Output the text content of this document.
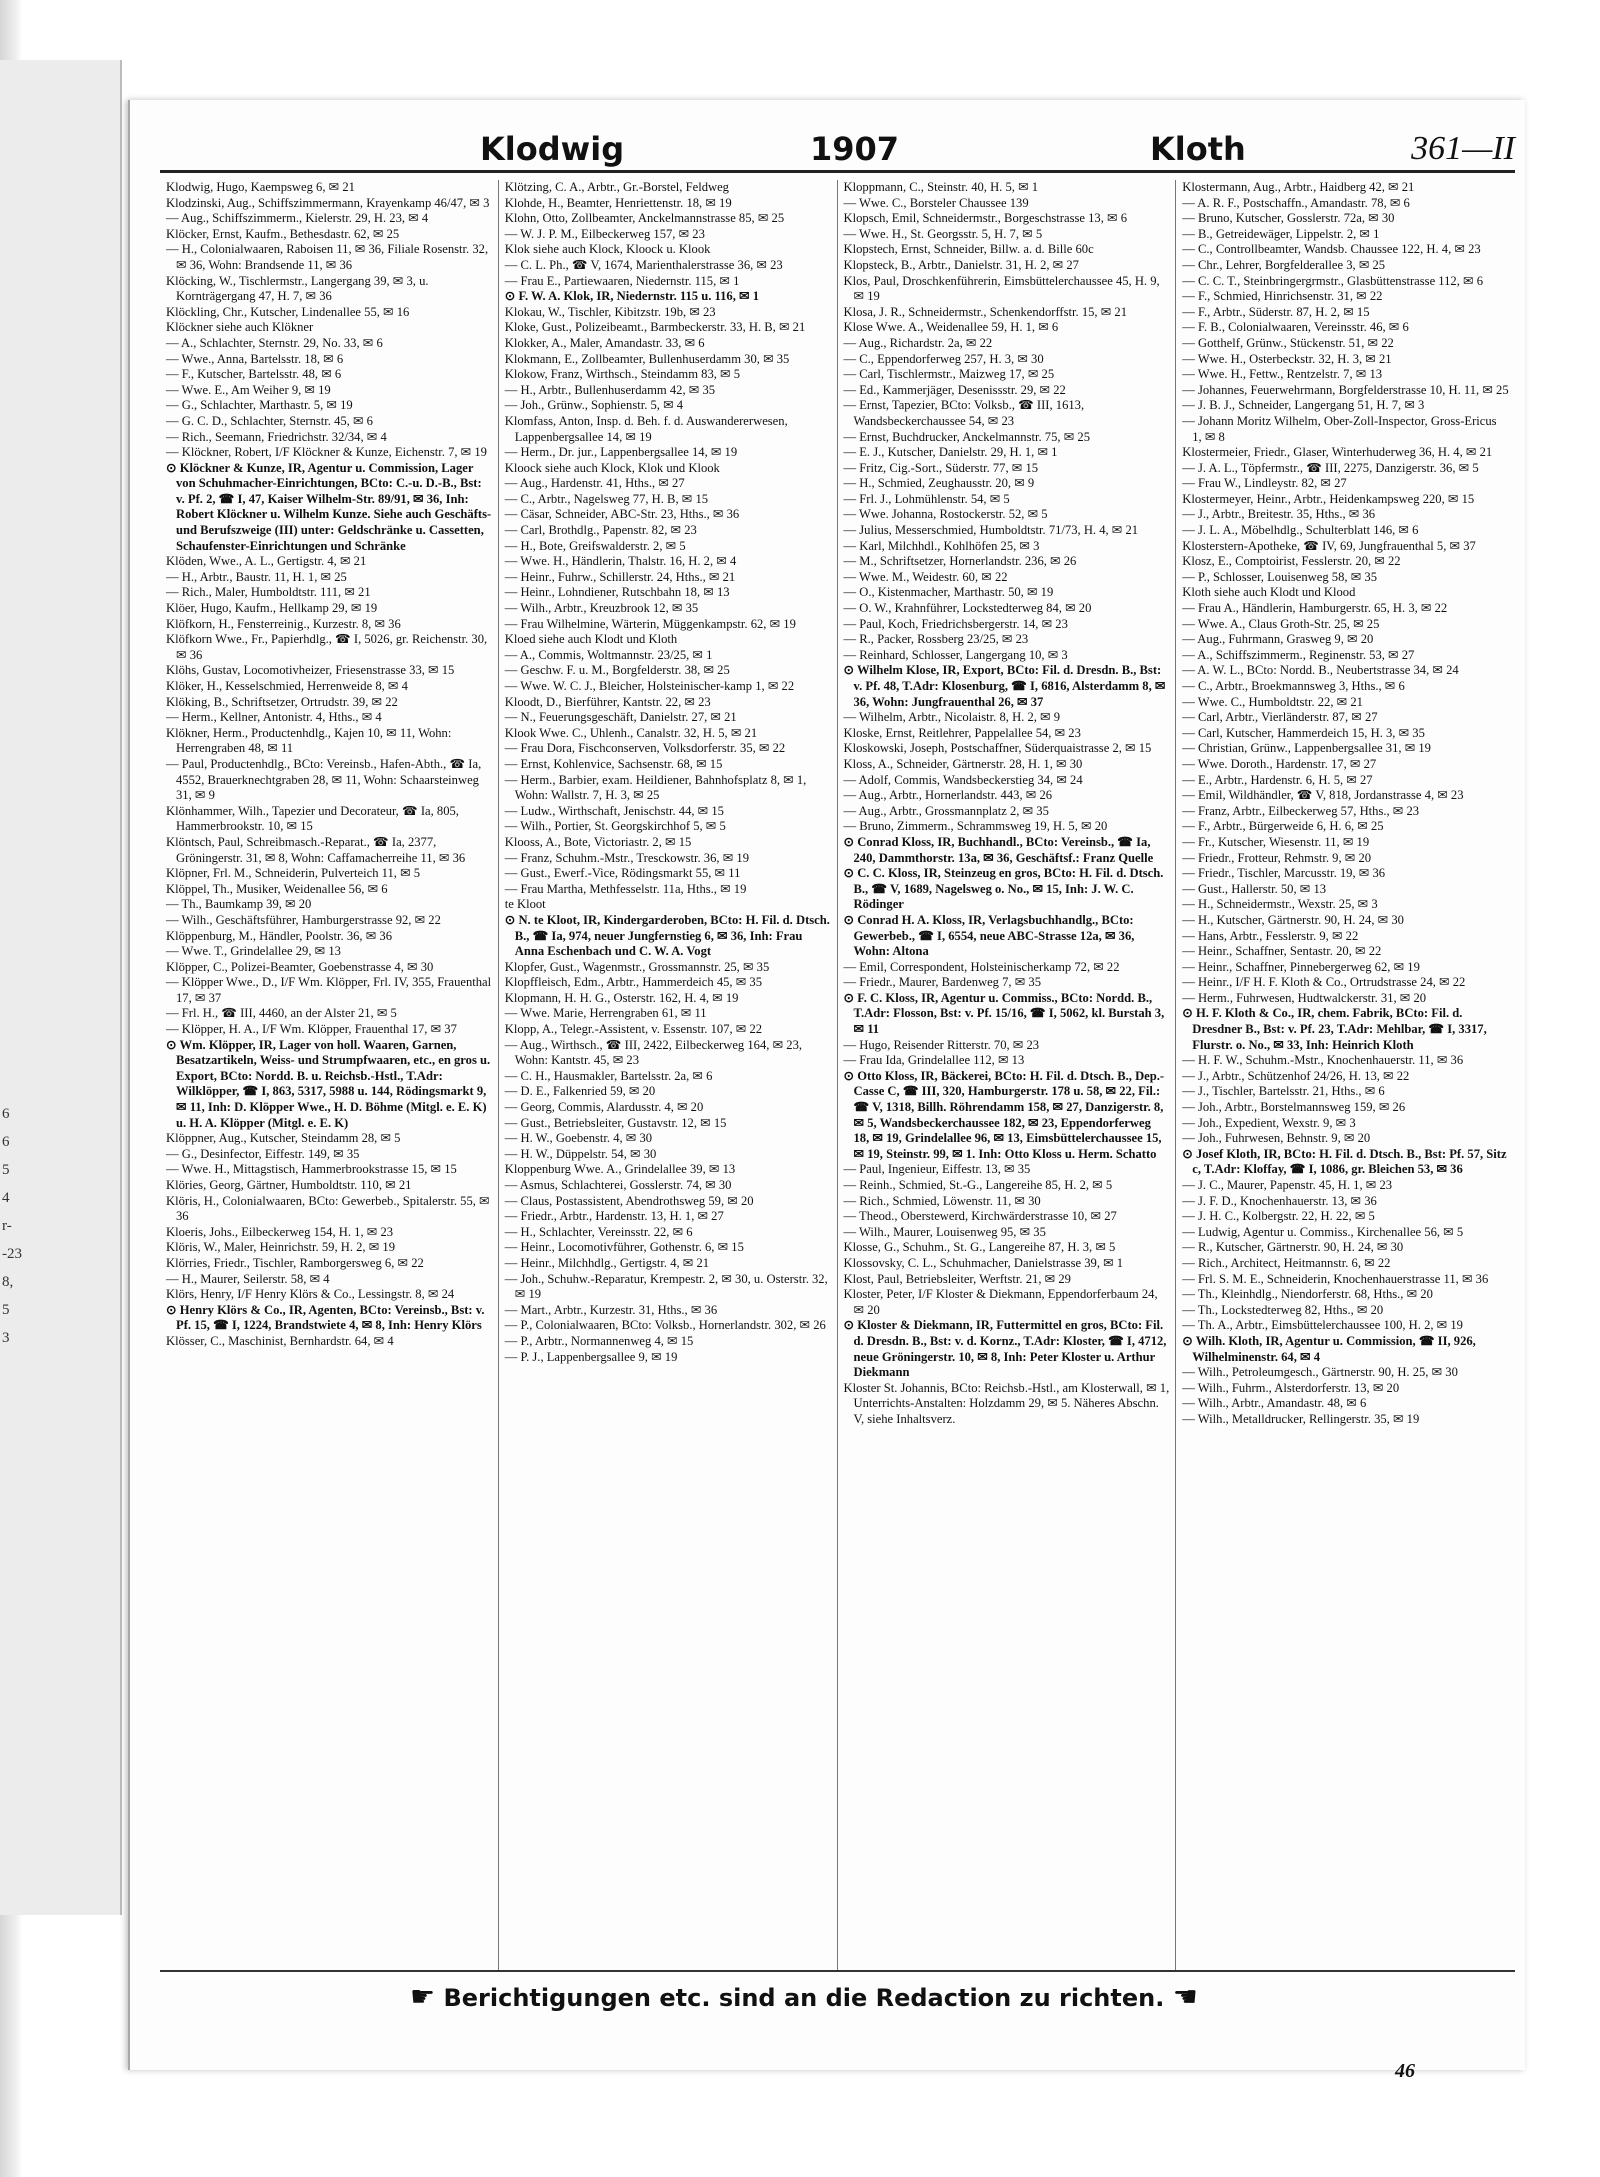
6
6
5
4
r-
-23
8,
5
3
Klodwig	1907	Kloth	361—II

Klodwig, Hugo, Kaempsweg 6, ✉ 21

Klodzinski, Aug., Schiffszimmermann, Krayenkamp 46/47, ✉ 3

— Aug., Schiffszimmerm., Kielerstr. 29, H. 23, ✉ 4

Klöcker, Ernst, Kaufm., Bethesdastr. 62, ✉ 25

— H., Colonialwaaren, Raboisen 11, ✉ 36, Filiale Rosenstr. 32, ✉ 36, Wohn: Brandsende 11, ✉ 36

Klöcking, W., Tischlermstr., Langergang 39, ✉ 3, u. Kornträgergang 47, H. 7, ✉ 36

Klöckling, Chr., Kutscher, Lindenallee 55, ✉ 16

Klöckner siehe auch Klökner

— A., Schlachter, Sternstr. 29, No. 33, ✉ 6

— Wwe., Anna, Bartelsstr. 18, ✉ 6

— F., Kutscher, Bartelsstr. 48, ✉ 6

— Wwe. E., Am Weiher 9, ✉ 19

— G., Schlachter, Marthastr. 5, ✉ 19

— G. C. D., Schlachter, Sternstr. 45, ✉ 6

— Rich., Seemann, Friedrichstr. 32/34, ✉ 4

— Klöckner, Robert, I/F Klöckner & Kunze, Eichenstr. 7, ✉ 19

⊙ Klöckner & Kunze, IR, Agentur u. Commission, Lager von Schuhmacher-Einrichtungen, BCto: C.-u. D.-B., Bst: v. Pf. 2, ☎ I, 47, Kaiser Wilhelm-Str. 89/91, ✉ 36, Inh: Robert Klöckner u. Wilhelm Kunze. Siehe auch Geschäfts- und Berufszweige (III) unter: Geldschränke u. Cassetten, Schaufenster-Einrichtungen und Schränke

Klöden, Wwe., A. L., Gertigstr. 4, ✉ 21

— H., Arbtr., Baustr. 11, H. 1, ✉ 25

— Rich., Maler, Humboldtstr. 111, ✉ 21

Klöer, Hugo, Kaufm., Hellkamp 29, ✉ 19

Klöfkorn, H., Fensterreinig., Kurzestr. 8, ✉ 36

Klöfkorn Wwe., Fr., Papierhdlg., ☎ I, 5026, gr. Reichenstr. 30, ✉ 36

Klöhs, Gustav, Locomotivheizer, Friesenstrasse 33, ✉ 15

Klöker, H., Kesselschmied, Herrenweide 8, ✉ 4

Klöking, B., Schriftsetzer, Ortrudstr. 39, ✉ 22

— Herm., Kellner, Antonistr. 4, Hths., ✉ 4

Klökner, Herm., Productenhdlg., Kajen 10, ✉ 11, Wohn: Herrengraben 48, ✉ 11

— Paul, Productenhdlg., BCto: Vereinsb., Hafen-Abth., ☎ Ia, 4552, Brauerknechtgraben 28, ✉ 11, Wohn: Schaarsteinweg 31, ✉ 9

Klönhammer, Wilh., Tapezier und Decorateur, ☎ Ia, 805, Hammerbrookstr. 10, ✉ 15

Klöntsch, Paul, Schreibmasch.-Reparat., ☎ Ia, 2377, Gröningerstr. 31, ✉ 8, Wohn: Caffamacherreihe 11, ✉ 36

Klöpner, Frl. M., Schneiderin, Pulverteich 11, ✉ 5

Klöppel, Th., Musiker, Weidenallee 56, ✉ 6

— Th., Baumkamp 39, ✉ 20

— Wilh., Geschäftsführer, Hamburgerstrasse 92, ✉ 22

Klöppenburg, M., Händler, Poolstr. 36, ✉ 36

— Wwe. T., Grindelallee 29, ✉ 13

Klöpper, C., Polizei-Beamter, Goebenstrasse 4, ✉ 30

— Klöpper Wwe., D., I/F Wm. Klöpper, Frl. IV, 355, Frauenthal 17, ✉ 37

— Frl. H., ☎ III, 4460, an der Alster 21, ✉ 5

— Klöpper, H. A., I/F Wm. Klöpper, Frauenthal 17, ✉ 37

⊙ Wm. Klöpper, IR, Lager von holl. Waaren, Garnen, Besatzartikeln, Weiss- und Strumpfwaaren, etc., en gros u. Export, BCto: Nordd. B. u. Reichsb.-Hstl., T.Adr: Wilklöpper, ☎ I, 863, 5317, 5988 u. 144, Rödingsmarkt 9, ✉ 11, Inh: D. Klöpper Wwe., H. D. Böhme (Mitgl. e. E. K) u. H. A. Klöpper (Mitgl. e. E. K)

Klöppner, Aug., Kutscher, Steindamm 28, ✉ 5

— G., Desinfector, Eiffestr. 149, ✉ 35

— Wwe. H., Mittagstisch, Hammerbrookstrasse 15, ✉ 15

Klöries, Georg, Gärtner, Humboldtstr. 110, ✉ 21

Klöris, H., Colonialwaaren, BCto: Gewerbeb., Spitalerstr. 55, ✉ 36

Kloeris, Johs., Eilbeckerweg 154, H. 1, ✉ 23

Klöris, W., Maler, Heinrichstr. 59, H. 2, ✉ 19

Klörries, Friedr., Tischler, Ramborgersweg 6, ✉ 22

— H., Maurer, Seilerstr. 58, ✉ 4

Klörs, Henry, I/F Henry Klörs & Co., Lessingstr. 8, ✉ 24

⊙ Henry Klörs & Co., IR, Agenten, BCto: Vereinsb., Bst: v. Pf. 15, ☎ I, 1224, Brandstwiete 4, ✉ 8, Inh: Henry Klörs

Klösser, C., Maschinist, Bernhardstr. 64, ✉ 4

Klötzing, C. A., Arbtr., Gr.-Borstel, Feldweg

Klohde, H., Beamter, Henriettenstr. 18, ✉ 19

Klohn, Otto, Zollbeamter, Anckelmannstrasse 85, ✉ 25

— W. J. P. M., Eilbeckerweg 157, ✉ 23

Klok siehe auch Klock, Kloock u. Klook

— C. L. Ph., ☎ V, 1674, Marienthalerstrasse 36, ✉ 23

— Frau E., Partiewaaren, Niedernstr. 115, ✉ 1

⊙ F. W. A. Klok, IR, Niedernstr. 115 u. 116, ✉ 1

Klokau, W., Tischler, Kibitzstr. 19b, ✉ 23

Kloke, Gust., Polizeibeamt., Barmbeckerstr. 33, H. B, ✉ 21

Klokker, A., Maler, Amandastr. 33, ✉ 6

Klokmann, E., Zollbeamter, Bullenhuserdamm 30, ✉ 35

Klokow, Franz, Wirthsch., Steindamm 83, ✉ 5

— H., Arbtr., Bullenhuserdamm 42, ✉ 35

— Joh., Grünw., Sophienstr. 5, ✉ 4

Klomfass, Anton, Insp. d. Beh. f. d. Auswandererwesen, Lappenbergsallee 14, ✉ 19

— Herm., Dr. jur., Lappenbergsallee 14, ✉ 19

Kloock siehe auch Klock, Klok und Klook

— Aug., Hardenstr. 41, Hths., ✉ 27

— C., Arbtr., Nagelsweg 77, H. B, ✉ 15

— Cäsar, Schneider, ABC-Str. 23, Hths., ✉ 36

— Carl, Brothdlg., Papenstr. 82, ✉ 23

— H., Bote, Greifswalderstr. 2, ✉ 5

— Wwe. H., Händlerin, Thalstr. 16, H. 2, ✉ 4

— Heinr., Fuhrw., Schillerstr. 24, Hths., ✉ 21

— Heinr., Lohndiener, Rutschbahn 18, ✉ 13

— Wilh., Arbtr., Kreuzbrook 12, ✉ 35

— Frau Wilhelmine, Wärterin, Müggenkampstr. 62, ✉ 19

Kloed siehe auch Klodt und Kloth

— A., Commis, Woltmannstr. 23/25, ✉ 1

— Geschw. F. u. M., Borgfelderstr. 38, ✉ 25

— Wwe. W. C. J., Bleicher, Holsteinischer-kamp 1, ✉ 22

Kloodt, D., Bierführer, Kantstr. 22, ✉ 23

— N., Feuerungsgeschäft, Danielstr. 27, ✉ 21

Klook Wwe. C., Uhlenh., Canalstr. 32, H. 5, ✉ 21

— Frau Dora, Fischconserven, Volksdorferstr. 35, ✉ 22

— Ernst, Kohlenvice, Sachsenstr. 68, ✉ 15

— Herm., Barbier, exam. Heildiener, Bahnhofsplatz 8, ✉ 1, Wohn: Wallstr. 7, H. 3, ✉ 25

— Ludw., Wirthschaft, Jenischstr. 44, ✉ 15

— Wilh., Portier, St. Georgskirchhof 5, ✉ 5

Klooss, A., Bote, Victoriastr. 2, ✉ 15

— Franz, Schuhm.-Mstr., Tresckowstr. 36, ✉ 19

— Gust., Ewerf.-Vice, Rödingsmarkt 55, ✉ 11

— Frau Martha, Methfesselstr. 11a, Hths., ✉ 19

te Kloot

⊙ N. te Kloot, IR, Kindergarderoben, BCto: H. Fil. d. Dtsch. B., ☎ Ia, 974, neuer Jungfernstieg 6, ✉ 36, Inh: Frau Anna Eschenbach und C. W. A. Vogt

Klopfer, Gust., Wagenmstr., Grossmannstr. 25, ✉ 35

Klopffleisch, Edm., Arbtr., Hammerdeich 45, ✉ 35

Klopmann, H. H. G., Osterstr. 162, H. 4, ✉ 19

— Wwe. Marie, Herrengraben 61, ✉ 11

Klopp, A., Telegr.-Assistent, v. Essenstr. 107, ✉ 22

— Aug., Wirthsch., ☎ III, 2422, Eilbeckerweg 164, ✉ 23, Wohn: Kantstr. 45, ✉ 23

— C. H., Hausmakler, Bartelsstr. 2a, ✉ 6

— D. E., Falkenried 59, ✉ 20

— Georg, Commis, Alardusstr. 4, ✉ 20

— Gust., Betriebsleiter, Gustavstr. 12, ✉ 15

— H. W., Goebenstr. 4, ✉ 30

— H. W., Düppelstr. 54, ✉ 30

Kloppenburg Wwe. A., Grindelallee 39, ✉ 13

— Asmus, Schlachterei, Gosslerstr. 74, ✉ 30

— Claus, Postassistent, Abendrothsweg 59, ✉ 20

— Friedr., Arbtr., Hardenstr. 13, H. 1, ✉ 27

— H., Schlachter, Vereinsstr. 22, ✉ 6

— Heinr., Locomotivführer, Gothenstr. 6, ✉ 15

— Heinr., Milchhdlg., Gertigstr. 4, ✉ 21

— Joh., Schuhw.-Reparatur, Krempestr. 2, ✉ 30, u. Osterstr. 32, ✉ 19

— Mart., Arbtr., Kurzestr. 31, Hths., ✉ 36

— P., Colonialwaaren, BCto: Volksb., Hornerlandstr. 302, ✉ 26

— P., Arbtr., Normannenweg 4, ✉ 15

— P. J., Lappenbergsallee 9, ✉ 19

Kloppmann, C., Steinstr. 40, H. 5, ✉ 1

— Wwe. C., Borsteler Chaussee 139

Klopsch, Emil, Schneidermstr., Borgeschstrasse 13, ✉ 6

— Wwe. H., St. Georgsstr. 5, H. 7, ✉ 5

Klopstech, Ernst, Schneider, Billw. a. d. Bille 60c

Klopsteck, B., Arbtr., Danielstr. 31, H. 2, ✉ 27

Klos, Paul, Droschkenführerin, Eimsbüttelerchaussee 45, H. 9, ✉ 19

Klosa, J. R., Schneidermstr., Schenkendorffstr. 15, ✉ 21

Klose Wwe. A., Weidenallee 59, H. 1, ✉ 6

— Aug., Richardstr. 2a, ✉ 22

— C., Eppendorferweg 257, H. 3, ✉ 30

— Carl, Tischlermstr., Maizweg 17, ✉ 25

— Ed., Kammerjäger, Desenissstr. 29, ✉ 22

— Ernst, Tapezier, BCto: Volksb., ☎ III, 1613, Wandsbeckerchaussee 54, ✉ 23

— Ernst, Buchdrucker, Anckelmannstr. 75, ✉ 25

— E. J., Kutscher, Danielstr. 29, H. 1, ✉ 1

— Fritz, Cig.-Sort., Süderstr. 77, ✉ 15

— H., Schmied, Zeughausstr. 20, ✉ 9

— Frl. J., Lohmühlenstr. 54, ✉ 5

— Wwe. Johanna, Rostockerstr. 52, ✉ 5

— Julius, Messerschmied, Humboldtstr. 71/73, H. 4, ✉ 21

— Karl, Milchhdl., Kohlhöfen 25, ✉ 3

— M., Schriftsetzer, Hornerlandstr. 236, ✉ 26

— Wwe. M., Weidestr. 60, ✉ 22

— O., Kistenmacher, Marthastr. 50, ✉ 19

— O. W., Krahnführer, Lockstedterweg 84, ✉ 20

— Paul, Koch, Friedrichsbergerstr. 14, ✉ 23

— R., Packer, Rossberg 23/25, ✉ 23

— Reinhard, Schlosser, Langergang 10, ✉ 3

⊙ Wilhelm Klose, IR, Export, BCto: Fil. d. Dresdn. B., Bst: v. Pf. 48, T.Adr: Klosenburg, ☎ I, 6816, Alsterdamm 8, ✉ 36, Wohn: Jungfrauenthal 26, ✉ 37

— Wilhelm, Arbtr., Nicolaistr. 8, H. 2, ✉ 9

Kloske, Ernst, Reitlehrer, Pappelallee 54, ✉ 23

Kloskowski, Joseph, Postschaffner, Süderquaistrasse 2, ✉ 15

Kloss, A., Schneider, Gärtnerstr. 28, H. 1, ✉ 30

— Adolf, Commis, Wandsbeckerstieg 34, ✉ 24

— Aug., Arbtr., Hornerlandstr. 443, ✉ 26

— Aug., Arbtr., Grossmannplatz 2, ✉ 35

— Bruno, Zimmerm., Schrammsweg 19, H. 5, ✉ 20

⊙ Conrad Kloss, IR, Buchhandl., BCto: Vereinsb., ☎ Ia, 240, Dammthorstr. 13a, ✉ 36, Geschäftsf.: Franz Quelle

⊙ C. C. Kloss, IR, Steinzeug en gros, BCto: H. Fil. d. Dtsch. B., ☎ V, 1689, Nagelsweg o. No., ✉ 15, Inh: J. W. C. Rödinger

⊙ Conrad H. A. Kloss, IR, Verlagsbuchhandlg., BCto: Gewerbeb., ☎ I, 6554, neue ABC-Strasse 12a, ✉ 36, Wohn: Altona

— Emil, Correspondent, Holsteinischerkamp 72, ✉ 22

— Friedr., Maurer, Bardenweg 7, ✉ 35

⊙ F. C. Kloss, IR, Agentur u. Commiss., BCto: Nordd. B., T.Adr: Flosson, Bst: v. Pf. 15/16, ☎ I, 5062, kl. Burstah 3, ✉ 11

— Hugo, Reisender Ritterstr. 70, ✉ 23

— Frau Ida, Grindelallee 112, ✉ 13

⊙ Otto Kloss, IR, Bäckerei, BCto: H. Fil. d. Dtsch. B., Dep.-Casse C, ☎ III, 320, Hamburgerstr. 178 u. 58, ✉ 22, Fil.: ☎ V, 1318, Billh. Röhrendamm 158, ✉ 27, Danzigerstr. 8, ✉ 5, Wandsbeckerchaussee 182, ✉ 23, Eppendorferweg 18, ✉ 19, Grindelallee 96, ✉ 13, Eimsbüttelerchaussee 15, ✉ 19, Steinstr. 99, ✉ 1. Inh: Otto Kloss u. Herm. Schatto

— Paul, Ingenieur, Eiffestr. 13, ✉ 35

— Reinh., Schmied, St.-G., Langereihe 85, H. 2, ✉ 5

— Rich., Schmied, Löwenstr. 11, ✉ 30

— Theod., Oberstewerd, Kirchwärderstrasse 10, ✉ 27

— Wilh., Maurer, Louisenweg 95, ✉ 35

Klosse, G., Schuhm., St. G., Langereihe 87, H. 3, ✉ 5

Klossovsky, C. L., Schuhmacher, Danielstrasse 39, ✉ 1

Klost, Paul, Betriebsleiter, Werftstr. 21, ✉ 29

Kloster, Peter, I/F Kloster & Diekmann, Eppendorferbaum 24, ✉ 20

⊙ Kloster & Diekmann, IR, Futtermittel en gros, BCto: Fil. d. Dresdn. B., Bst: v. d. Kornz., T.Adr: Kloster, ☎ I, 4712, neue Gröningerstr. 10, ✉ 8, Inh: Peter Kloster u. Arthur Diekmann

Kloster St. Johannis, BCto: Reichsb.-Hstl., am Klosterwall, ✉ 1, Unterrichts-Anstalten: Holzdamm 29, ✉ 5. Näheres Abschn. V, siehe Inhaltsverz.

Klostermann, Aug., Arbtr., Haidberg 42, ✉ 21

— A. R. F., Postschaffn., Amandastr. 78, ✉ 6

— Bruno, Kutscher, Gosslerstr. 72a, ✉ 30

— B., Getreidewäger, Lippelstr. 2, ✉ 1

— C., Controllbeamter, Wandsb. Chaussee 122, H. 4, ✉ 23

— Chr., Lehrer, Borgfelderallee 3, ✉ 25

— C. C. T., Steinbringergrmstr., Glasbüttenstrasse 112, ✉ 6

— F., Schmied, Hinrichsenstr. 31, ✉ 22

— F., Arbtr., Süderstr. 87, H. 2, ✉ 15

— F. B., Colonialwaaren, Vereinsstr. 46, ✉ 6

— Gotthelf, Grünw., Stückenstr. 51, ✉ 22

— Wwe. H., Osterbeckstr. 32, H. 3, ✉ 21

— Wwe. H., Fettw., Rentzelstr. 7, ✉ 13

— Johannes, Feuerwehrmann, Borgfelderstrasse 10, H. 11, ✉ 25

— J. B. J., Schneider, Langergang 51, H. 7, ✉ 3

— Johann Moritz Wilhelm, Ober-Zoll-Inspector, Gross-Ericus 1, ✉ 8

Klostermeier, Friedr., Glaser, Winterhuderweg 36, H. 4, ✉ 21

— J. A. L., Töpfermstr., ☎ III, 2275, Danzigerstr. 36, ✉ 5

— Frau W., Lindleystr. 82, ✉ 27

Klostermeyer, Heinr., Arbtr., Heidenkampsweg 220, ✉ 15

— J., Arbtr., Breitestr. 35, Hths., ✉ 36

— J. L. A., Möbelhdlg., Schulterblatt 146, ✉ 6

Klosterstern-Apotheke, ☎ IV, 69, Jungfrauenthal 5, ✉ 37

Klosz, E., Comptoirist, Fesslerstr. 20, ✉ 22

— P., Schlosser, Louisenweg 58, ✉ 35

Kloth siehe auch Klodt und Klood

— Frau A., Händlerin, Hamburgerstr. 65, H. 3, ✉ 22

— Wwe. A., Claus Groth-Str. 25, ✉ 25

— Aug., Fuhrmann, Grasweg 9, ✉ 20

— A., Schiffszimmerm., Reginenstr. 53, ✉ 27

— A. W. L., BCto: Nordd. B., Neubertstrasse 34, ✉ 24

— C., Arbtr., Broekmannsweg 3, Hths., ✉ 6

— Wwe. C., Humboldtstr. 22, ✉ 21

— Carl, Arbtr., Vierländerstr. 87, ✉ 27

— Carl, Kutscher, Hammerdeich 15, H. 3, ✉ 35

— Christian, Grünw., Lappenbergsallee 31, ✉ 19

— Wwe. Doroth., Hardenstr. 17, ✉ 27

— E., Arbtr., Hardenstr. 6, H. 5, ✉ 27

— Emil, Wildhändler, ☎ V, 818, Jordanstrasse 4, ✉ 23

— Franz, Arbtr., Eilbeckerweg 57, Hths., ✉ 23

— F., Arbtr., Bürgerweide 6, H. 6, ✉ 25

— Fr., Kutscher, Wiesenstr. 11, ✉ 19

— Friedr., Frotteur, Rehmstr. 9, ✉ 20

— Friedr., Tischler, Marcusstr. 19, ✉ 36

— Gust., Hallerstr. 50, ✉ 13

— H., Schneidermstr., Wexstr. 25, ✉ 3

— H., Kutscher, Gärtnerstr. 90, H. 24, ✉ 30

— Hans, Arbtr., Fesslerstr. 9, ✉ 22

— Heinr., Schaffner, Sentastr. 20, ✉ 22

— Heinr., Schaffner, Pinnebergerweg 62, ✉ 19

— Heinr., I/F H. F. Kloth & Co., Ortrudstrasse 24, ✉ 22

— Herm., Fuhrwesen, Hudtwalckerstr. 31, ✉ 20

⊙ H. F. Kloth & Co., IR, chem. Fabrik, BCto: Fil. d. Dresdner B., Bst: v. Pf. 23, T.Adr: Mehlbar, ☎ I, 3317, Flurstr. o. No., ✉ 33, Inh: Heinrich Kloth

— H. F. W., Schuhm.-Mstr., Knochenhauerstr. 11, ✉ 36

— J., Arbtr., Schützenhof 24/26, H. 13, ✉ 22

— J., Tischler, Bartelsstr. 21, Hths., ✉ 6

— Joh., Arbtr., Borstelmannsweg 159, ✉ 26

— Joh., Expedient, Wexstr. 9, ✉ 3

— Joh., Fuhrwesen, Behnstr. 9, ✉ 20

⊙ Josef Kloth, IR, BCto: H. Fil. d. Dtsch. B., Bst: Pf. 57, Sitz c, T.Adr: Kloffay, ☎ I, 1086, gr. Bleichen 53, ✉ 36

— J. C., Maurer, Papenstr. 45, H. 1, ✉ 23

— J. F. D., Knochenhauerstr. 13, ✉ 36

— J. H. C., Kolbergstr. 22, H. 22, ✉ 5

— Ludwig, Agentur u. Commiss., Kirchenallee 56, ✉ 5

— R., Kutscher, Gärtnerstr. 90, H. 24, ✉ 30

— Rich., Architect, Heitmannstr. 6, ✉ 22

— Frl. S. M. E., Schneiderin, Knochenhauerstrasse 11, ✉ 36

— Th., Kleinhdlg., Niendorferstr. 68, Hths., ✉ 20

— Th., Lockstedterweg 82, Hths., ✉ 20

— Th. A., Arbtr., Eimsbüttelerchaussee 100, H. 2, ✉ 19

⊙ Wilh. Kloth, IR, Agentur u. Commission, ☎ II, 926, Wilhelminenstr. 64, ✉ 4

— Wilh., Petroleumgesch., Gärtnerstr. 90, H. 25, ✉ 30

— Wilh., Fuhrm., Alsterdorferstr. 13, ✉ 20

— Wilh., Arbtr., Amandastr. 48, ✉ 6

— Wilh., Metalldrucker, Rellingerstr. 35, ✉ 19

☛ Berichtigungen etc. sind an die Redaction zu richten. ☚
46
